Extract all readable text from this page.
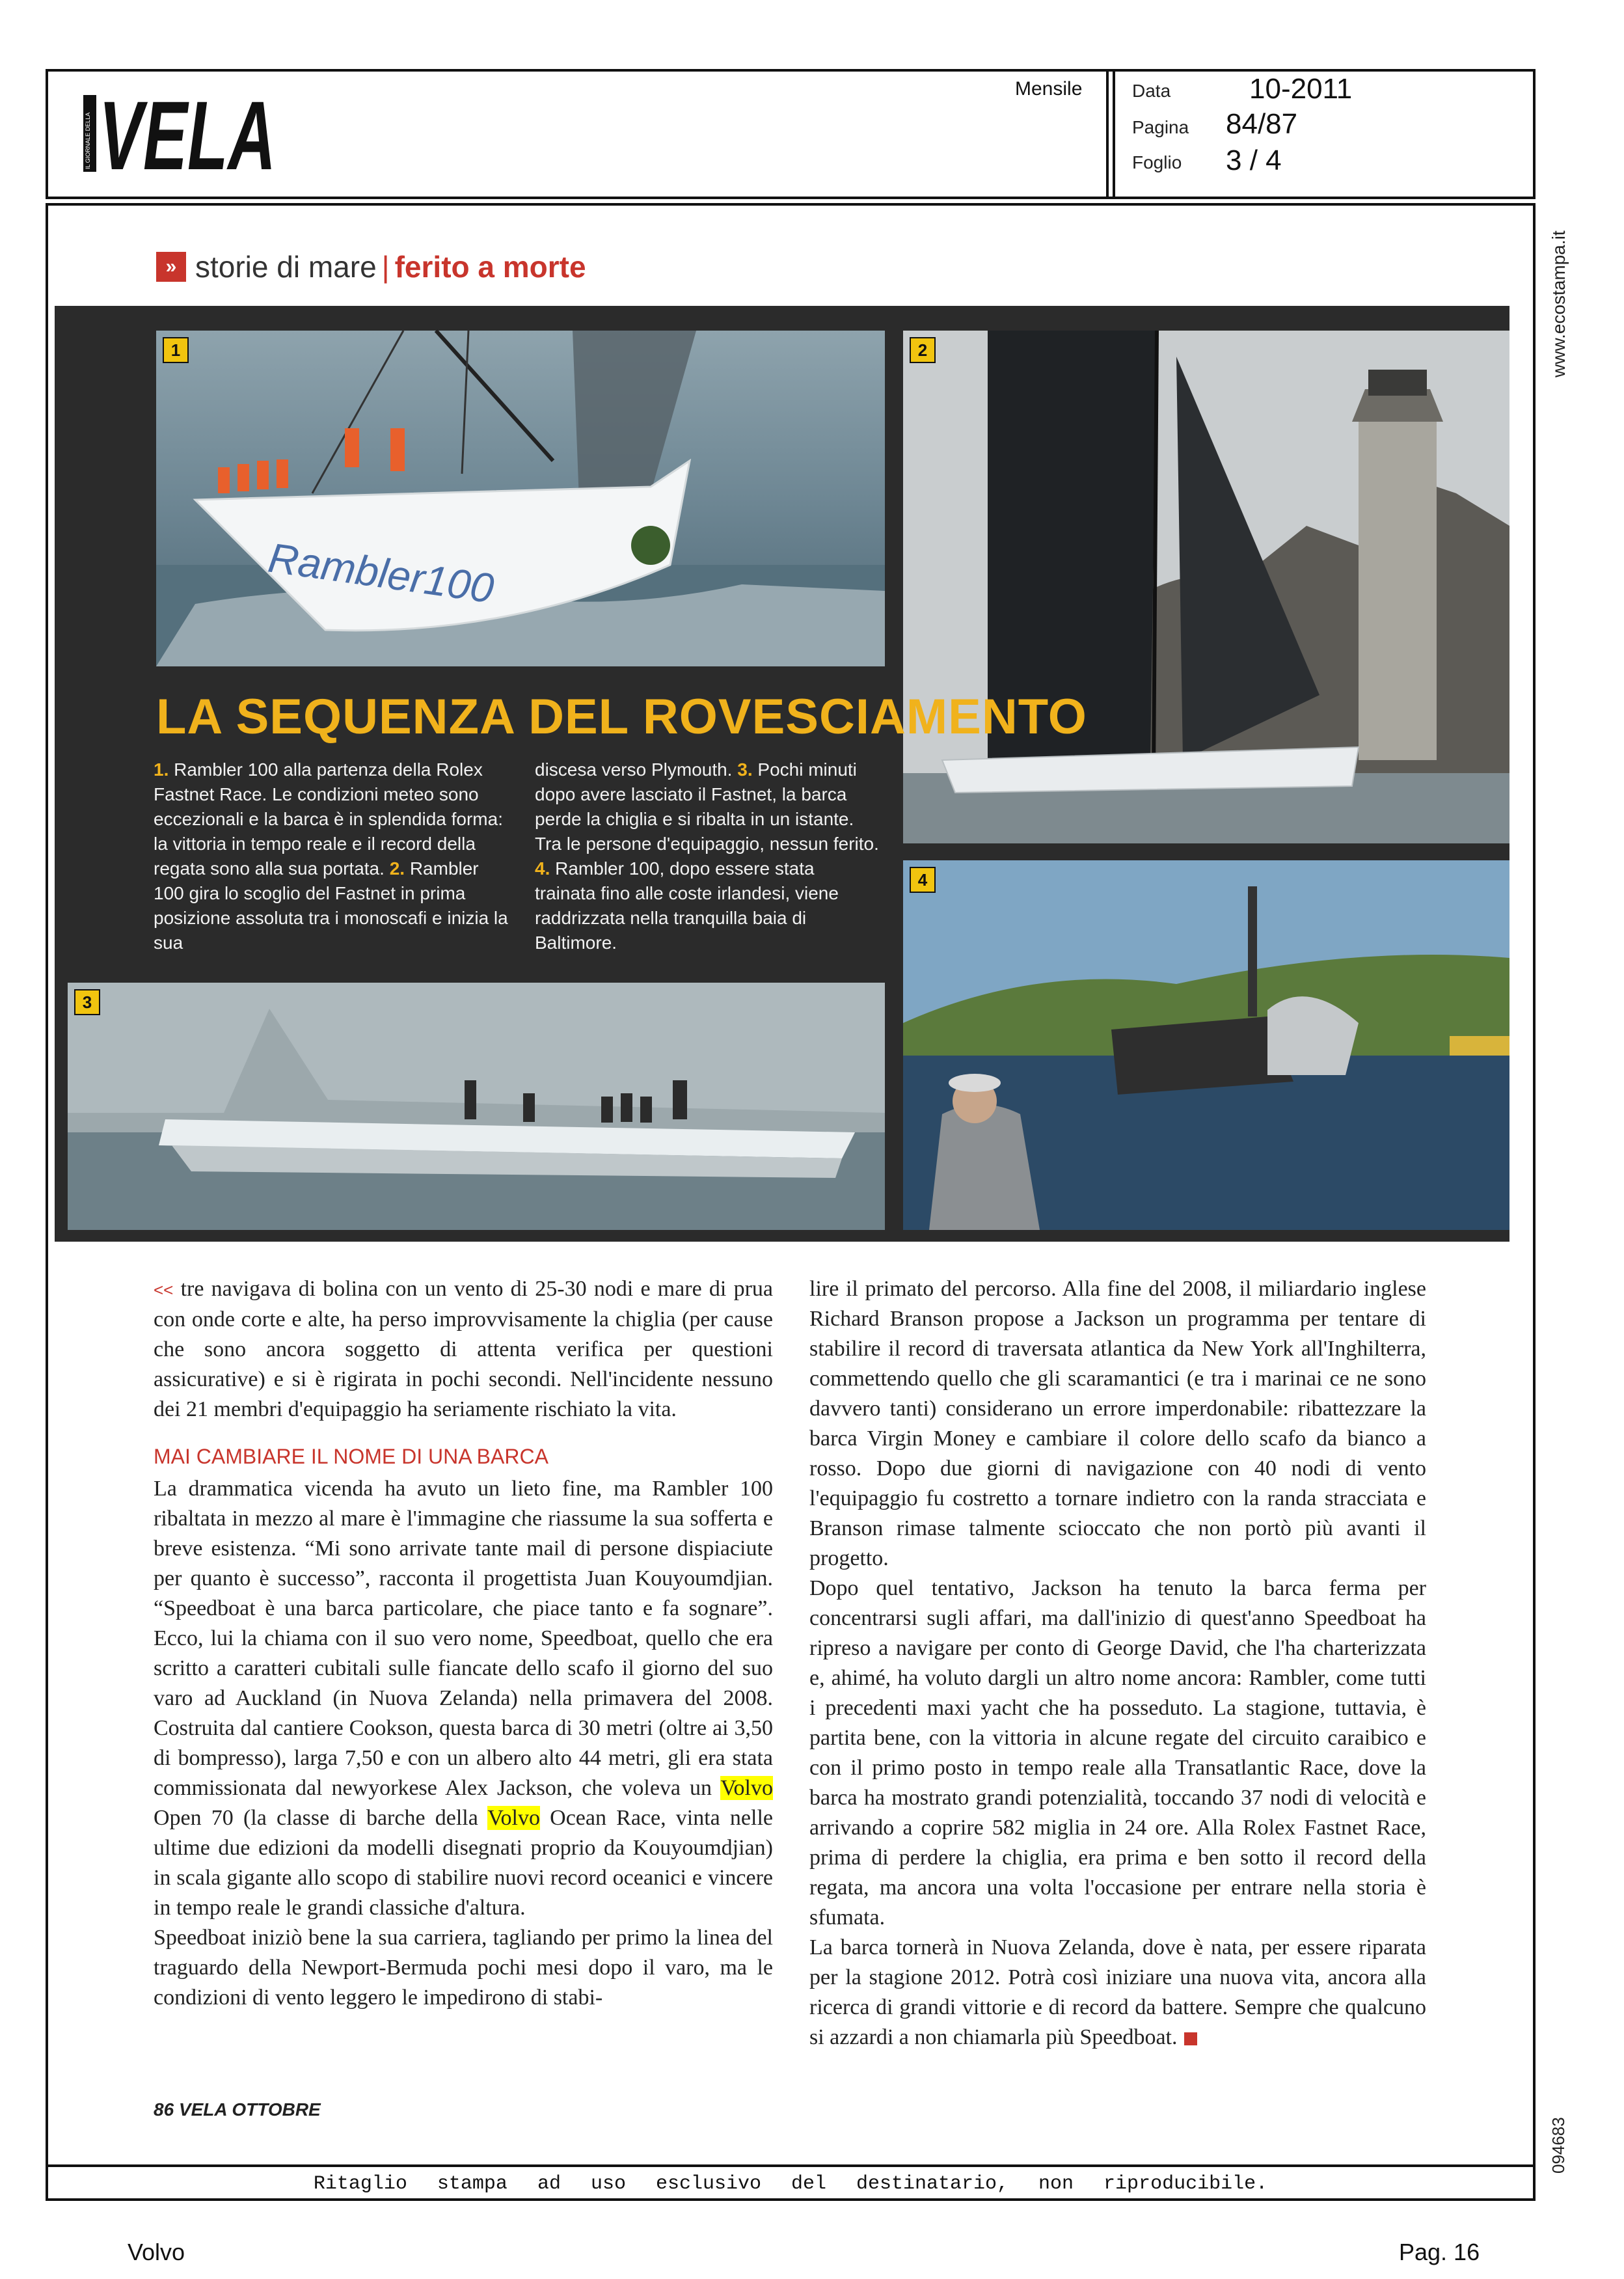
IL GIORNALE DELLA VELA	Mensile	Data	10-2011
Pagina 84/87
Foglio 3 / 4
www.ecostampa.it
094683
» storie di mare | ferito a morte
Rambler100
1	2
3
4
LA SEQUENZA DEL ROVESCIAMENTO
1. Rambler 100 alla partenza della Rolex Fastnet Race. Le condizioni meteo sono eccezionali e la barca è in splendida forma: la vittoria in tempo reale e il record della regata sono alla sua portata. 2. Rambler 100 gira lo scoglio del Fastnet in prima posizione assoluta tra i monoscafi e inizia la sua
discesa verso Plymouth. 3. Pochi minuti dopo avere lasciato il Fastnet, la barca perde la chiglia e si ribalta in un istante. Tra le persone d'equipaggio, nessun ferito. 4. Rambler 100, dopo essere stata trainata fino alle coste irlandesi, viene raddrizzata nella tranquilla baia di Baltimore.

<< tre navigava di bolina con un vento di 25-30 nodi e mare di prua con onde corte e alte, ha perso improvvisamente la chiglia (per cause che sono ancora soggetto di attenta verifica per questioni assicurative) e si è rigirata in pochi secondi. Nell'incidente nessuno dei 21 membri d'equipaggio ha seriamente rischiato la vita.

MAI CAMBIARE IL NOME DI UNA BARCA

La drammatica vicenda ha avuto un lieto fine, ma Rambler 100 ribaltata in mezzo al mare è l'immagine che riassume la sua sofferta e breve esistenza. “Mi sono arrivate tante mail di persone dispiaciute per quanto è successo”, racconta il progettista Juan Kouyoumdjian. “Speedboat è una barca particolare, che piace tanto e fa sognare”. Ecco, lui la chiama con il suo vero nome, Speedboat, quello che era scritto a caratteri cubitali sulle fiancate dello scafo il giorno del suo varo ad Auckland (in Nuova Zelanda) nella primavera del 2008. Costruita dal cantiere Cookson, questa barca di 30 metri (oltre ai 3,50 di bompresso), larga 7,50 e con un albero alto 44 metri, gli era stata commissionata dal newyorkese Alex Jackson, che voleva un Volvo Open 70 (la classe di barche della Volvo Ocean Race, vinta nelle ultime due edizioni da modelli disegnati proprio da Kouyoumdjian) in scala gigante allo scopo di stabilire nuovi record oceanici e vincere in tempo reale le grandi classiche d'altura.

Speedboat iniziò bene la sua carriera, tagliando per primo la linea del traguardo della Newport-Bermuda pochi mesi dopo il varo, ma le condizioni di vento leggero le impedirono di stabi-

lire il primato del percorso. Alla fine del 2008, il miliardario inglese Richard Branson propose a Jackson un programma per tentare di stabilire il record di traversata atlantica da New York all'Inghilterra, commettendo quello che gli scaramantici (e tra i marinai ce ne sono davvero tanti) considerano un errore imperdonabile: ribattezzare la barca Virgin Money e cambiare il colore dello scafo da bianco a rosso. Dopo due giorni di navigazione con 40 nodi di vento l'equipaggio fu costretto a tornare indietro con la randa stracciata e Branson rimase talmente scioccato che non portò più avanti il progetto.

Dopo quel tentativo, Jackson ha tenuto la barca ferma per concentrarsi sugli affari, ma dall'inizio di quest'anno Speedboat ha ripreso a navigare per conto di George David, che l'ha charterizzata e, ahimé, ha voluto dargli un altro nome ancora: Rambler, come tutti i precedenti maxi yacht che ha posseduto. La stagione, tuttavia, è partita bene, con la vittoria in alcune regate del circuito caraibico e con il primo posto in tempo reale alla Transatlantic Race, dove la barca ha mostrato grandi potenzialità, toccando 37 nodi di velocità e arrivando a coprire 582 miglia in 24 ore. Alla Rolex Fastnet Race, prima di perdere la chiglia, era prima e ben sotto il record della regata, ma ancora una volta l'occasione per entrare nella storia è sfumata.

La barca tornerà in Nuova Zelanda, dove è nata, per essere riparata per la stagione 2012. Potrà così iniziare una nuova vita, ancora alla ricerca di grandi vittorie e di record da battere. Sempre che qualcuno si azzardi a non chiamarla più Speedboat.

86 VELA OTTOBRE
Ritaglio stampa ad uso esclusivo del destinatario, non riproducibile.
Volvo	Pag. 16
